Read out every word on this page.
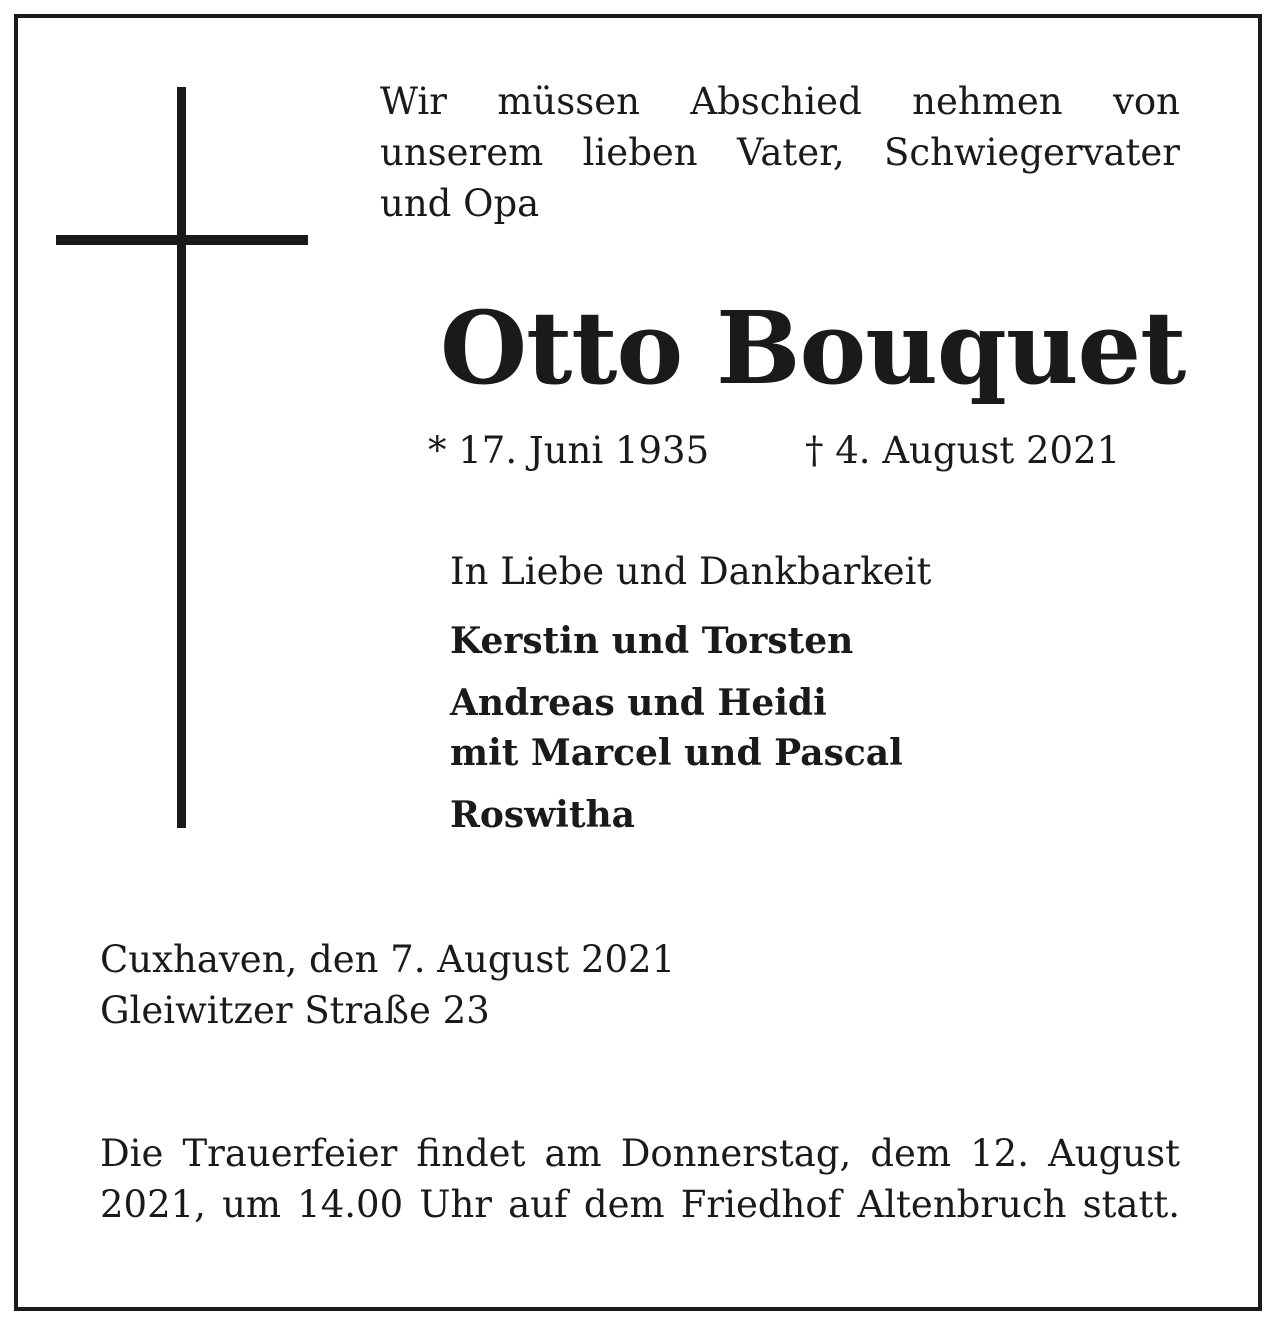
Wir müssen Abschied nehmen von
unserem lieben Vater, Schwiegervater
und Opa
Otto Bouquet
* 17. Juni 1935	† 4. August 2021
In Liebe und Dankbarkeit
Kerstin und Torsten
Andreas und Heidi
mit Marcel und Pascal
Roswitha
Cuxhaven, den 7. August 2021
Gleiwitzer Straße 23
Die Trauerfeier findet am Donnerstag, dem 12. August
2021, um 14.00 Uhr auf dem Friedhof Altenbruch statt.
